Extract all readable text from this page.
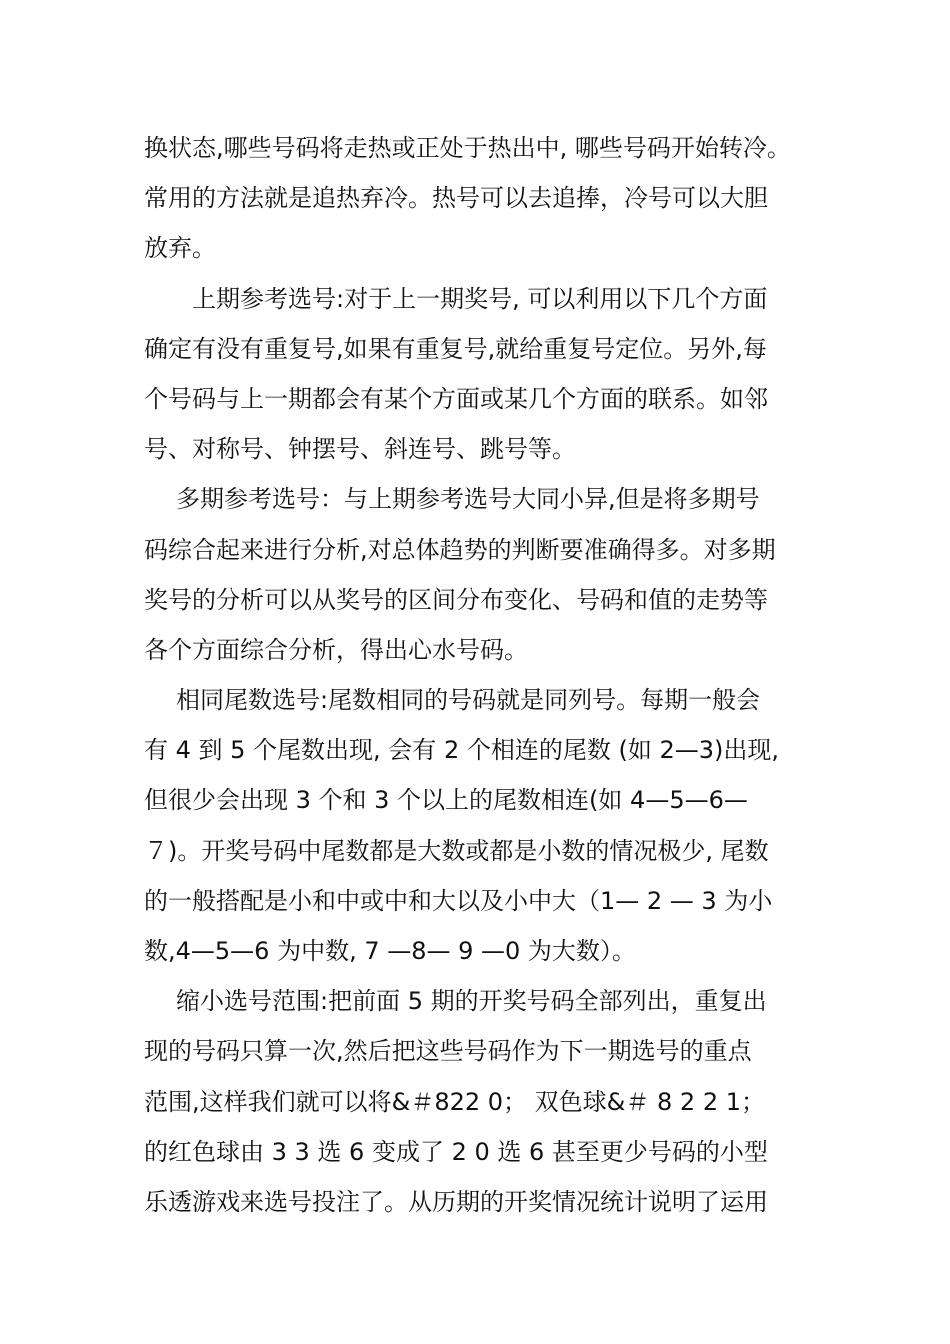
换状态,哪些号码将走热或正处于热出中, 哪些号码开始转冷。
常用的方法就是追热弃冷。热号可以去追捧，冷号可以大胆
放弃。
上期参考选号:对于上一期奖号, 可以利用以下几个方面
确定有没有重复号,如果有重复号,就给重复号定位。另外,每
个号码与上一期都会有某个方面或某几个方面的联系。如邻
号、对称号、钟摆号、斜连号、跳号等。
多期参考选号：与上期参考选号大同小异,但是将多期号
码综合起来进行分析,对总体趋势的判断要准确得多。对多期
奖号的分析可以从奖号的区间分布变化、号码和值的走势等
各个方面综合分析，得出心水号码。
相同尾数选号:尾数相同的号码就是同列号。每期一般会
有 4 到 5 个尾数出现, 会有 2 个相连的尾数 (如 2—3)出现,
但很少会出现 3 个和 3 个以上的尾数相连(如 4—5—6—
７)。开奖号码中尾数都是大数或都是小数的情况极少, 尾数
的一般搭配是小和中或中和大以及小中大（1— 2 — 3 为小
数,4—5—6 为中数, 7 —8— 9 —0 为大数）。
缩小选号范围:把前面 5 期的开奖号码全部列出，重复出
现的号码只算一次,然后把这些号码作为下一期选号的重点
范围,这样我们就可以将&＃822 0； 双色球&＃ 8 2 2 1；
的红色球由 3 3 选 6 变成了 2 0 选 6 甚至更少号码的小型
乐透游戏来选号投注了。从历期的开奖情况统计说明了运用
